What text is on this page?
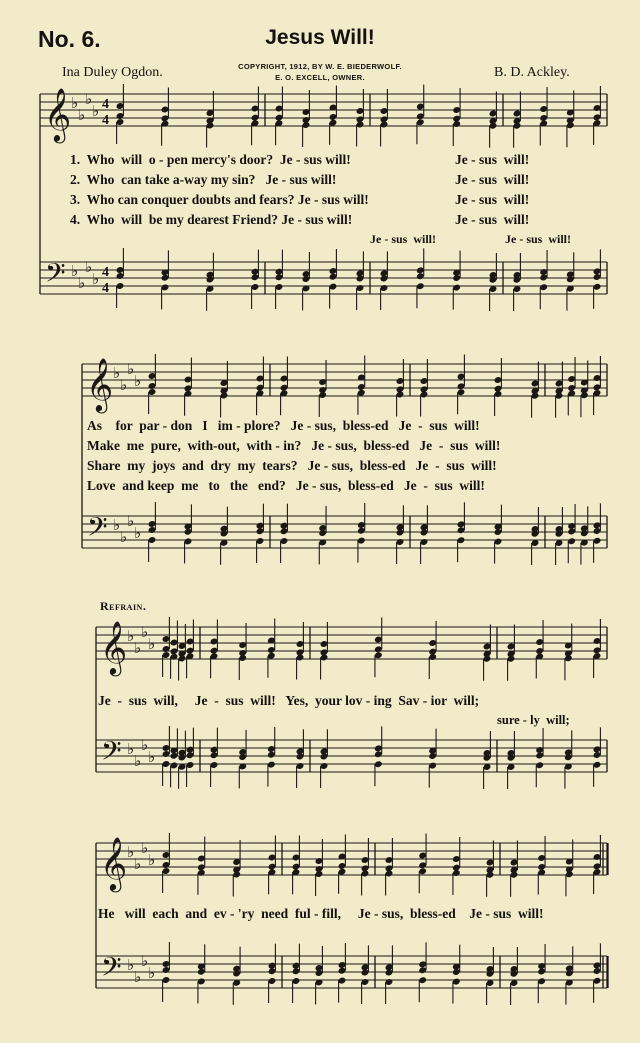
No. 6.	Jesus Will!
Ina Duley Ogdon.	COPYRIGHT, 1912, BY W. E. BIEDERWOLF.
E. O. EXCELL, OWNER.	B. D. Ackley.
𝄞
𝄢
♭
♭
♭
♭
♭
♭
♭
♭
4
4
4
4
𝄞
𝄢
♭
♭
♭
♭
♭
♭
♭
♭
𝄞
𝄢
♭
♭
♭
♭
♭
♭
♭
♭
𝄞
𝄢
♭
♭
♭
♭
♭
♭
♭
♭
1.  Who  will  o - pen mercy's door?  Je - sus will!
2.  Who  can take a-way my sin?   Je - sus will!
3.  Who can conquer doubts and fears? Je - sus will!
4.  Who  will  be my dearest Friend? Je - sus will!
Je - sus  will!
Je - sus  will!
Je - sus  will!
Je - sus  will!
Je - sus  will!	Je - sus  will!
As    for  par - don   I   im - plore?   Je - sus,  bless-ed   Je  -  sus  will!
Make  me  pure,  with-out,  with - in?   Je - sus,  bless-ed   Je  -  sus  will!
Share  my  joys  and  dry  my  tears?   Je - sus,  bless-ed   Je  -  sus  will!
Love  and keep  me   to   the   end?   Je - sus,  bless-ed   Je  -  sus  will!
Refrain.
Je  -  sus  will,     Je  -  sus  will!   Yes,  your lov - ing  Sav - ior  will;
sure - ly  will;
He   will  each  and  ev - 'ry  need  ful - fill,     Je - sus,  bless-ed    Je - sus  will!
